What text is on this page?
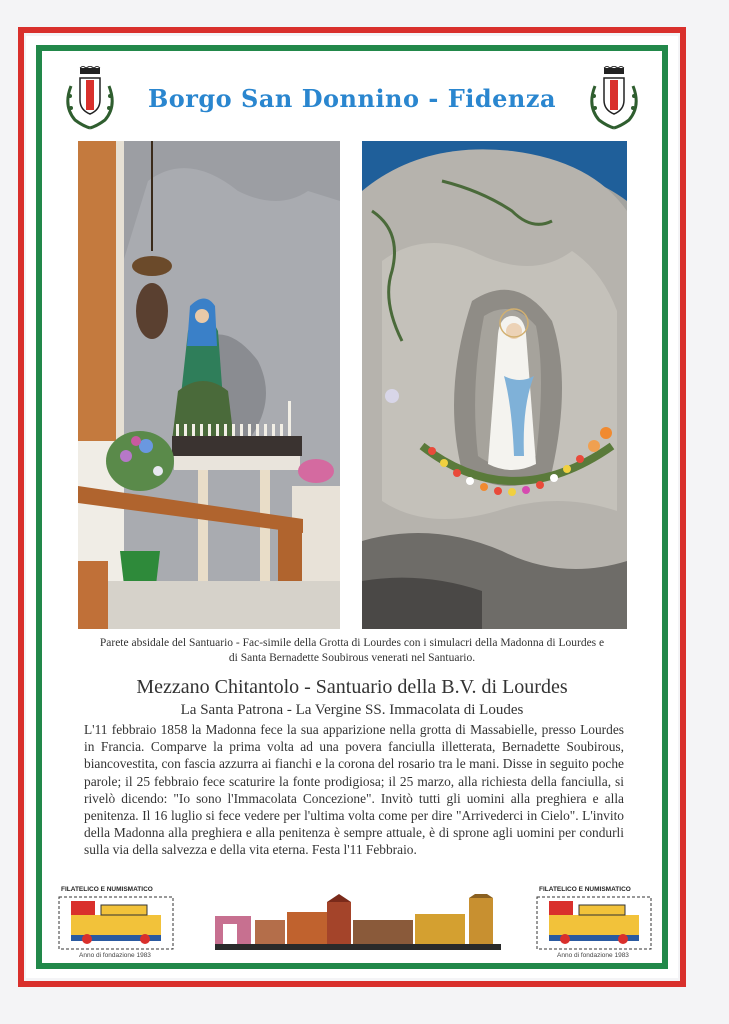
Borgo San Donnino - Fidenza
Parete absidale del Santuario - Fac-simile della Grotta di Lourdes con i simulacri della Madonna di Lourdes e
di Santa Bernadette Soubirous venerati nel Santuario.
Mezzano Chitantolo - Santuario della B.V. di Lourdes
La Santa Patrona - La Vergine SS. Immacolata di Loudes
L'11 febbraio 1858 la Madonna fece la sua apparizione nella grotta di Massabielle, presso Lourdes in Francia. Comparve la prima volta ad una povera fanciulla illetterata, Bernadette Soubirous, biancovestita, con fascia azzurra ai fianchi e la corona del rosario tra le mani. Disse in seguito poche parole; il 25 febbraio fece scaturire la fonte prodigiosa; il 25 marzo, alla richiesta della fanciulla, si rivelò dicendo: "Io sono l'Immacolata Concezione". Invitò tutti gli uomini alla preghiera e alla penitenza. Il 16 luglio si fece vedere per l'ultima volta come per dire "Arrivederci in Cielo". L'invito della Madonna alla preghiera e alla penitenza è sempre attuale, è di sprone agli uomini per condurli sulla via della salvezza e della vita eterna. Festa l'11 Febbraio.
FILATELICO E NUMISMATICO
Anno di fondazione 1983
FILATELICO E NUMISMATICO
Anno di fondazione 1983
